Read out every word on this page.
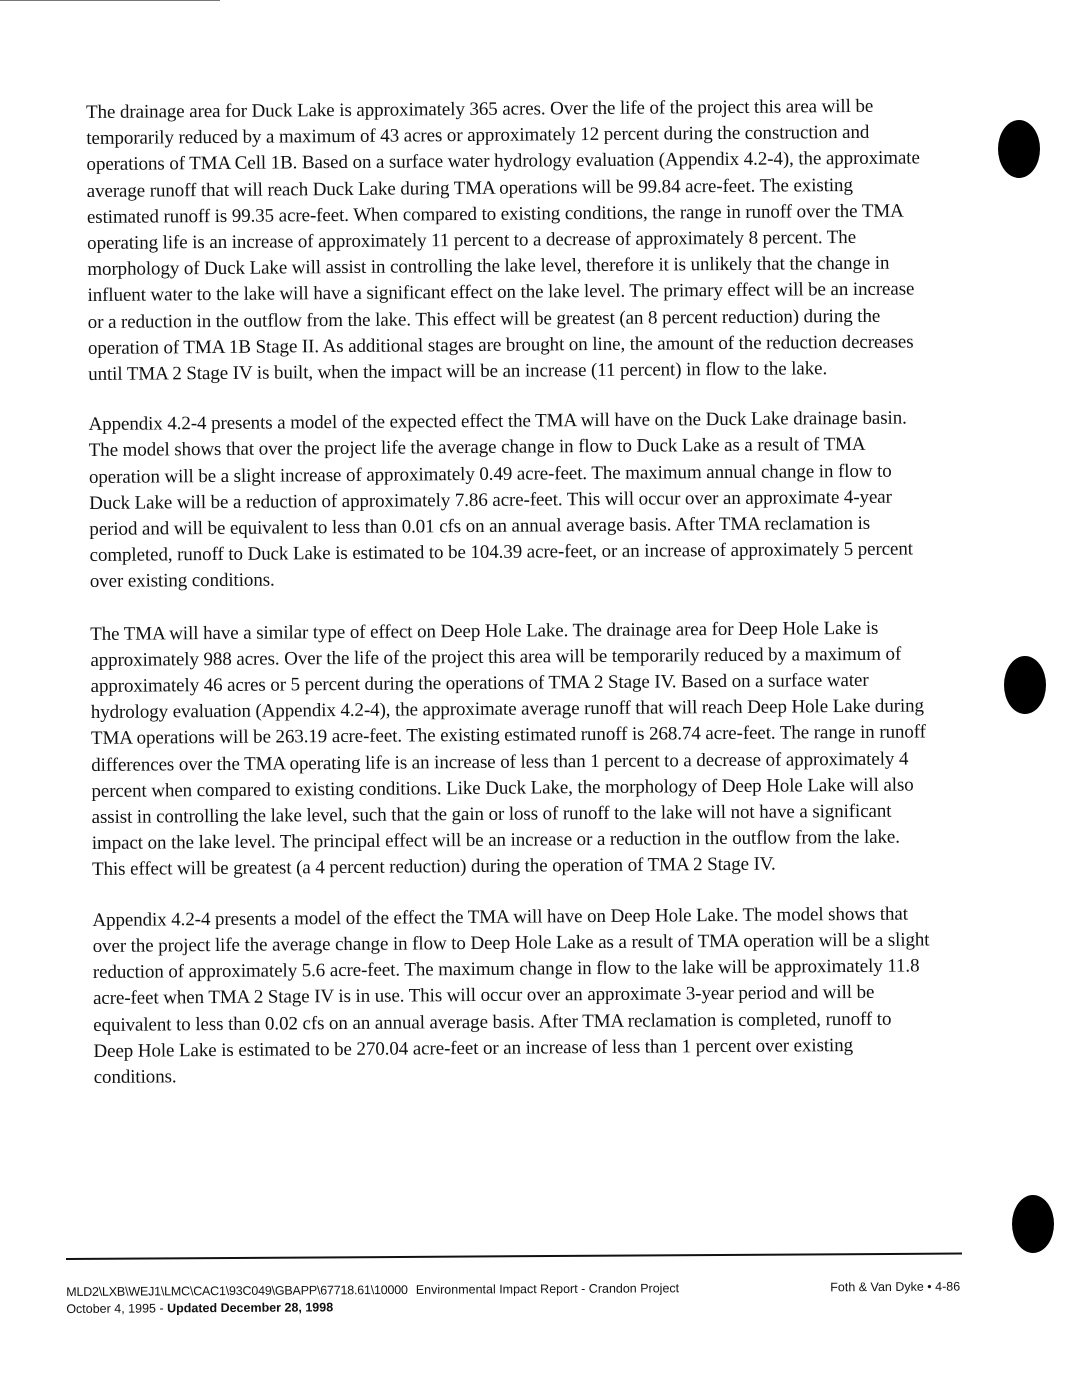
The drainage area for Duck Lake is approximately 365 acres. Over the life of the project this area will be temporarily reduced by a maximum of 43 acres or approximately 12 percent during the construction and operations of TMA Cell 1B. Based on a surface water hydrology evaluation (Appendix 4.2-4), the approximate average runoff that will reach Duck Lake during TMA operations will be 99.84 acre-feet. The existing estimated runoff is 99.35 acre-feet. When compared to existing conditions, the range in runoff over the TMA operating life is an increase of approximately 11 percent to a decrease of approximately 8 percent. The morphology of Duck Lake will assist in controlling the lake level, therefore it is unlikely that the change in influent water to the lake will have a significant effect on the lake level. The primary effect will be an increase or a reduction in the outflow from the lake. This effect will be greatest (an 8 percent reduction) during the operation of TMA 1B Stage II. As additional stages are brought on line, the amount of the reduction decreases until TMA 2 Stage IV is built, when the impact will be an increase (11 percent) in flow to the lake.

Appendix 4.2-4 presents a model of the expected effect the TMA will have on the Duck Lake drainage basin. The model shows that over the project life the average change in flow to Duck Lake as a result of TMA operation will be a slight increase of approximately 0.49 acre-feet. The maximum annual change in flow to Duck Lake will be a reduction of approximately 7.86 acre-feet. This will occur over an approximate 4-year period and will be equivalent to less than 0.01 cfs on an annual average basis. After TMA reclamation is completed, runoff to Duck Lake is estimated to be 104.39 acre-feet, or an increase of approximately 5 percent over existing conditions.

The TMA will have a similar type of effect on Deep Hole Lake. The drainage area for Deep Hole Lake is approximately 988 acres. Over the life of the project this area will be temporarily reduced by a maximum of approximately 46 acres or 5 percent during the operations of TMA 2 Stage IV. Based on a surface water hydrology evaluation (Appendix 4.2-4), the approximate average runoff that will reach Deep Hole Lake during TMA operations will be 263.19 acre-feet. The existing estimated runoff is 268.74 acre-feet. The range in runoff differences over the TMA operating life is an increase of less than 1 percent to a decrease of approximately 4 percent when compared to existing conditions. Like Duck Lake, the morphology of Deep Hole Lake will also assist in controlling the lake level, such that the gain or loss of runoff to the lake will not have a significant impact on the lake level. The principal effect will be an increase or a reduction in the outflow from the lake. This effect will be greatest (a 4 percent reduction) during the operation of TMA 2 Stage IV.

Appendix 4.2-4 presents a model of the effect the TMA will have on Deep Hole Lake. The model shows that over the project life the average change in flow to Deep Hole Lake as a result of TMA operation will be a slight reduction of approximately 5.6 acre-feet. The maximum change in flow to the lake will be approximately 11.8 acre-feet when TMA 2 Stage IV is in use. This will occur over an approximate 3-year period and will be equivalent to less than 0.02 cfs on an annual average basis. After TMA reclamation is completed, runoff to Deep Hole Lake is estimated to be 270.04 acre-feet or an increase of less than 1 percent over existing conditions.

MLD2\LXB\WEJ1\LMC\CAC1\93C049\GBAPP\67718.61\10000 Environmental Impact Report - Crandon Project
October 4, 1995 - Updated December 28, 1998
Foth & Van Dyke • 4-86
